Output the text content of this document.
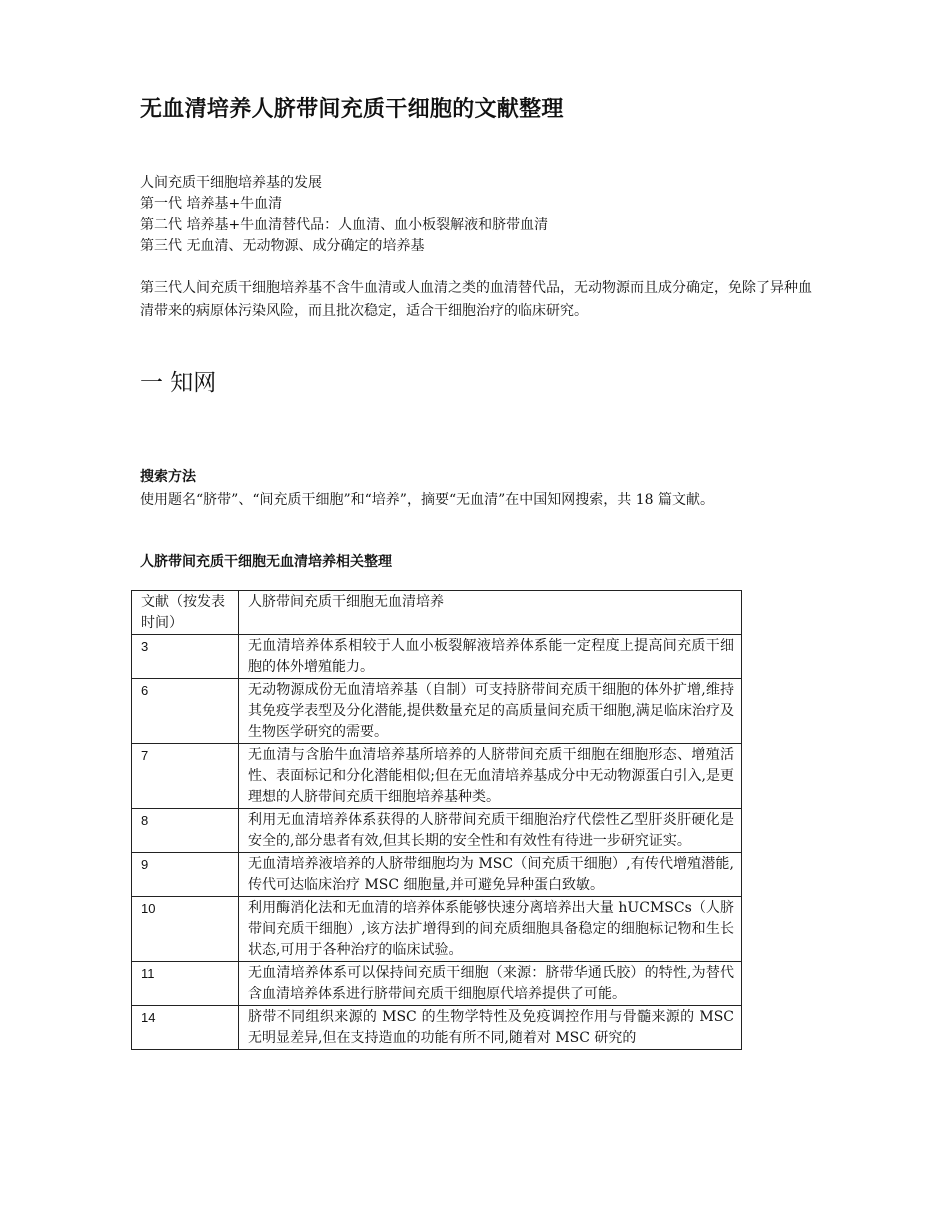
无血清培养人脐带间充质干细胞的文献整理
人间充质干细胞培养基的发展
第一代 培养基+牛血清
第二代 培养基+牛血清替代品：人血清、血小板裂解液和脐带血清
第三代 无血清、无动物源、成分确定的培养基
第三代人间充质干细胞培养基不含牛血清或人血清之类的血清替代品，无动物源而且成分确定，免除了异种血清带来的病原体污染风险，而且批次稳定，适合干细胞治疗的临床研究。
一 知网
搜索方法
使用题名“脐带”、“间充质干细胞”和“培养”，摘要“无血清”在中国知网搜索，共 18 篇文献。
人脐带间充质干细胞无血清培养相关整理
文献（按发表时间）	人脐带间充质干细胞无血清培养
3	无血清培养体系相较于人血小板裂解液培养体系能一定程度上提高间充质干细胞的体外增殖能力。
6	无动物源成份无血清培养基（自制）可支持脐带间充质干细胞的体外扩增,维持其免疫学表型及分化潜能,提供数量充足的高质量间充质干细胞,满足临床治疗及生物医学研究的需要。
7	无血清与含胎牛血清培养基所培养的人脐带间充质干细胞在细胞形态、增殖活性、表面标记和分化潜能相似;但在无血清培养基成分中无动物源蛋白引入,是更理想的人脐带间充质干细胞培养基种类。
8	利用无血清培养体系获得的人脐带间充质干细胞治疗代偿性乙型肝炎肝硬化是安全的,部分患者有效,但其长期的安全性和有效性有待进一步研究证实。
9	无血清培养液培养的人脐带细胞均为 MSC（间充质干细胞）,有传代增殖潜能,传代可达临床治疗 MSC 细胞量,并可避免异种蛋白致敏。
10	利用酶消化法和无血清的培养体系能够快速分离培养出大量 hUCMSCs（人脐带间充质干细胞）,该方法扩增得到的间充质细胞具备稳定的细胞标记物和生长状态,可用于各种治疗的临床试验。
11	无血清培养体系可以保持间充质干细胞（来源：脐带华通氏胶）的特性,为替代含血清培养体系进行脐带间充质干细胞原代培养提供了可能。
14	脐带不同组织来源的 MSC 的生物学特性及免疫调控作用与骨髓来源的 MSC 无明显差异,但在支持造血的功能有所不同,随着对 MSC 研究的
